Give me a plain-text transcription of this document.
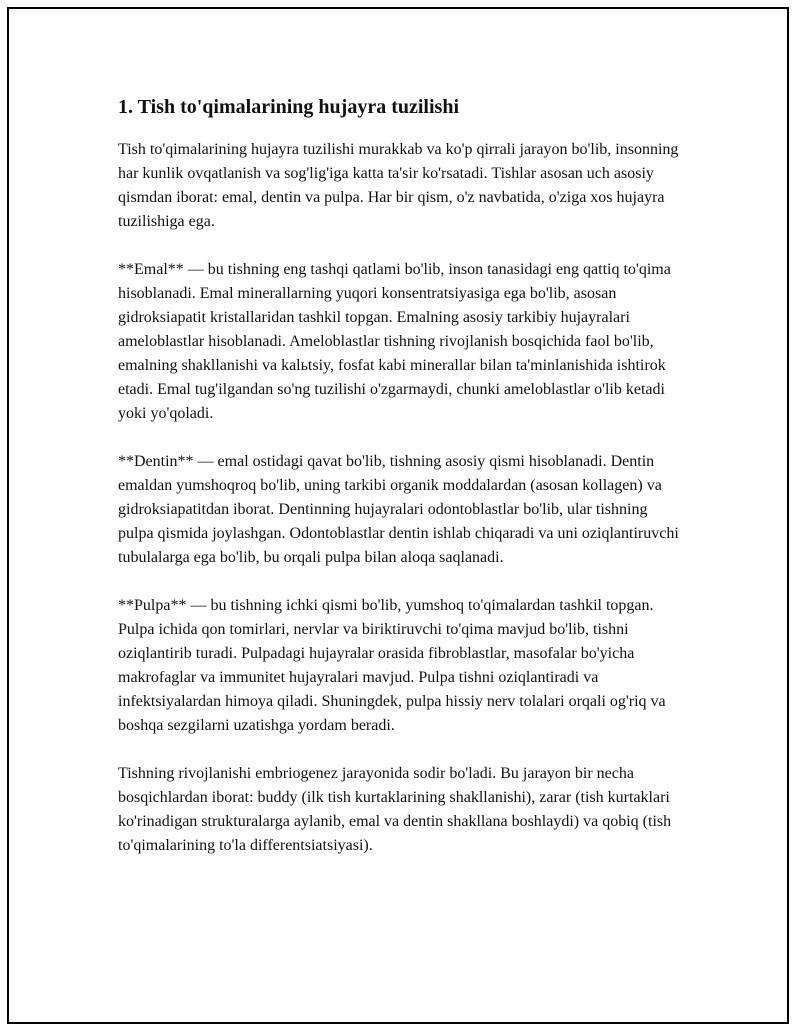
1. Tish to'qimalarining hujayra tuzilishi

Tish to'qimalarining hujayra tuzilishi murakkab va ko'p qirrali jarayon bo'lib, insonning har kunlik ovqatlanish va sog'lig'iga katta ta'sir ko'rsatadi. Tishlar asosan uch asosiy qismdan iborat: emal, dentin va pulpa. Har bir qism, o'z navbatida, o'ziga xos hujayra tuzilishiga ega.

**Emal** — bu tishning eng tashqi qatlami bo'lib, inson tanasidagi eng qattiq to'qima hisoblanadi. Emal minerallarning yuqori konsentratsiyasiga ega bo'lib, asosan gidroksiapatit kristallaridan tashkil topgan. Emalning asosiy tarkibiy hujayralari ameloblastlar hisoblanadi. Ameloblastlar tishning rivojlanish bosqichida faol bo'lib, emalning shakllanishi va kalьtsiy, fosfat kabi minerallar bilan ta'minlanishida ishtirok etadi. Emal tug'ilgandan so'ng tuzilishi o'zgarmaydi, chunki ameloblastlar o'lib ketadi yoki yo'qoladi.

**Dentin** — emal ostidagi qavat bo'lib, tishning asosiy qismi hisoblanadi. Dentin emaldan yumshoqroq bo'lib, uning tarkibi organik moddalardan (asosan kollagen) va gidroksiapatitdan iborat. Dentinning hujayralari odontoblastlar bo'lib, ular tishning pulpa qismida joylashgan. Odontoblastlar dentin ishlab chiqaradi va uni oziqlantiruvchi tubulalarga ega bo'lib, bu orqali pulpa bilan aloqa saqlanadi.

**Pulpa** — bu tishning ichki qismi bo'lib, yumshoq to'qimalardan tashkil topgan. Pulpa ichida qon tomirlari, nervlar va biriktiruvchi to'qima mavjud bo'lib, tishni oziqlantirib turadi. Pulpadagi hujayralar orasida fibroblastlar, masofalar bo'yicha makrofaglar va immunitet hujayralari mavjud. Pulpa tishni oziqlantiradi va infektsiyalardan himoya qiladi. Shuningdek, pulpa hissiy nerv tolalari orqali og'riq va boshqa sezgilarni uzatishga yordam beradi.

Tishning rivojlanishi embriogenez jarayonida sodir bo'ladi. Bu jarayon bir necha bosqichlardan iborat: buddy (ilk tish kurtaklarining shakllanishi), zarar (tish kurtaklari ko'rinadigan strukturalarga aylanib, emal va dentin shakllana boshlaydi) va qobiq (tish to'qimalarining to'la differentsiatsiyasi).
